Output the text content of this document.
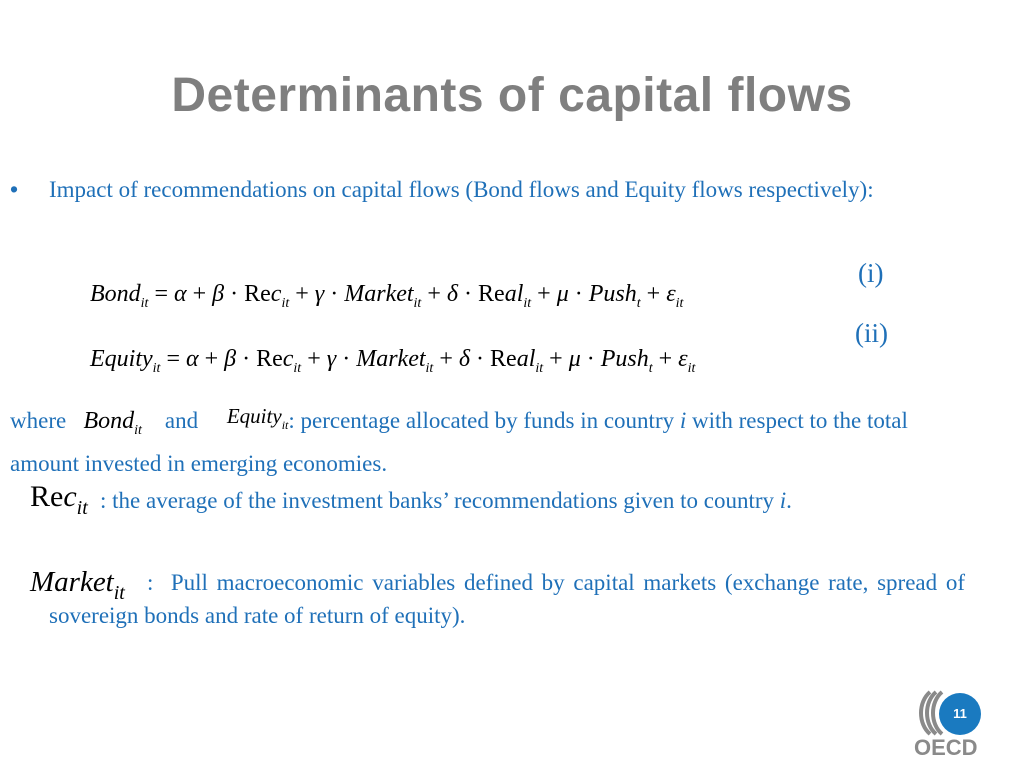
Determinants of capital flows
• Impact of recommendations on capital flows (Bond flows and Equity flows respectively):
Bond$_{it}$ = α + β · Rec$_{it}$ + γ · Market$_{it}$ + δ · Real$_{it}$ + μ · Push$_t$ + $\varepsilon_{it}$
(i)
Equity$_{it}$ = α + β · Rec$_{it}$ + γ · Market$_{it}$ + δ · Real$_{it}$ + μ · Push$_t$ + $\varepsilon_{it}$
(ii)
where Bond$_{it}$ and Equity$_{it}$: percentage allocated by funds in country i with respect to the total amount invested in emerging economies.
Rec$_{it}$ : the average of the investment banks’ recommendations given to country i.
Market$_{it}$ : Pull macroeconomic variables defined by capital markets (exchange rate, spread of sovereign bonds and rate of return of equity).
OECD
11
